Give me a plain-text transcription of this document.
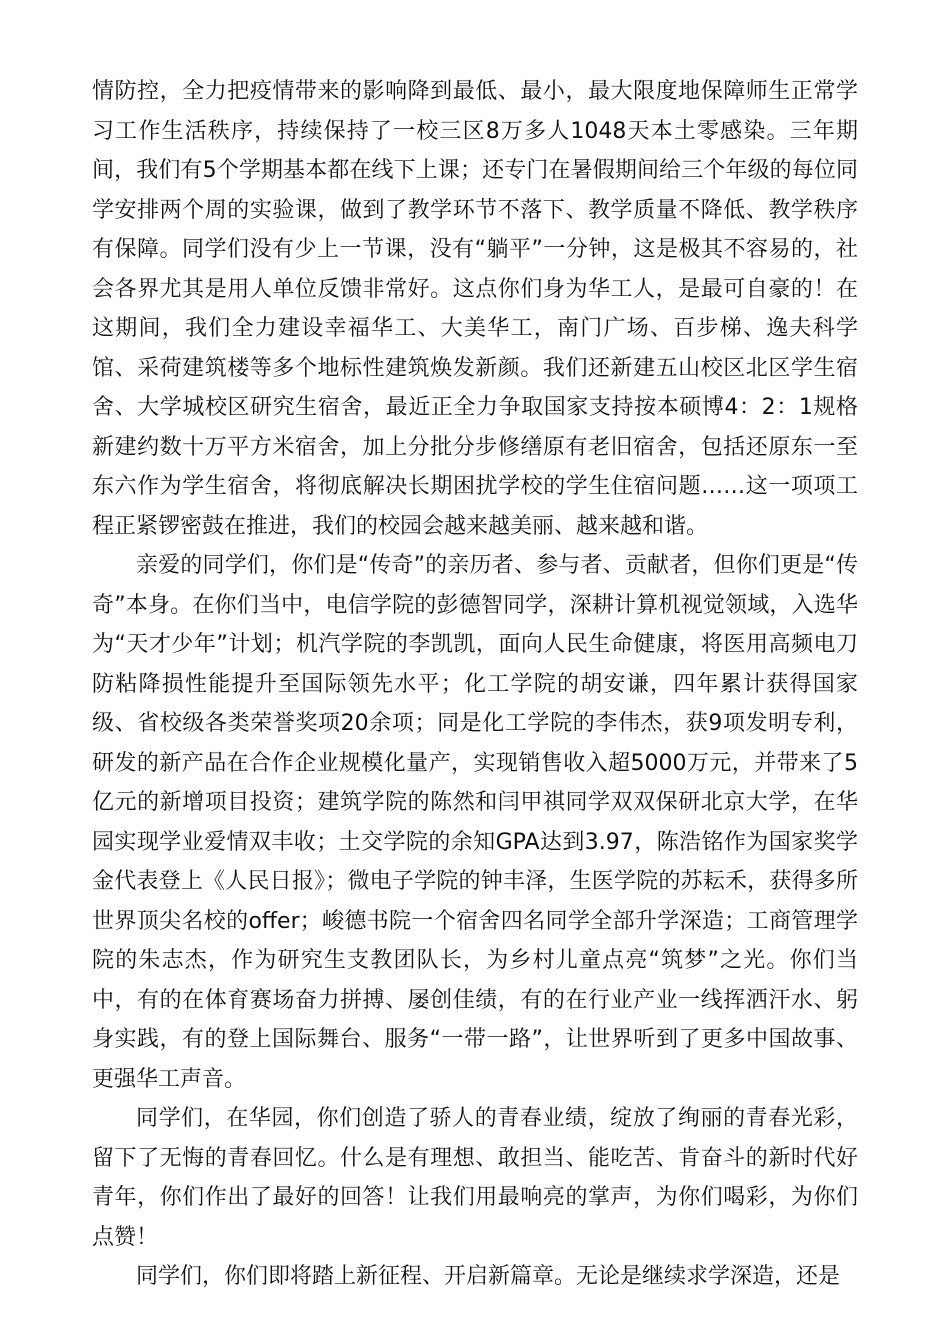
情防控，全力把疫情带来的影响降到最低、最小，最大限度地保障师生正常学习工作生活秩序，持续保持了一校三区8万多人1048天本土零感染。三年期间，我们有5个学期基本都在线下上课；还专门在暑假期间给三个年级的每位同学安排两个周的实验课，做到了教学环节不落下、教学质量不降低、教学秩序有保障。同学们没有少上一节课，没有“躺平”一分钟，这是极其不容易的，社会各界尤其是用人单位反馈非常好。这点你们身为华工人，是最可自豪的！在这期间，我们全力建设幸福华工、大美华工，南门广场、百步梯、逸夫科学馆、采荷建筑楼等多个地标性建筑焕发新颜。我们还新建五山校区北区学生宿舍、大学城校区研究生宿舍，最近正全力争取国家支持按本硕博4：2：1规格新建约数十万平方米宿舍，加上分批分步修缮原有老旧宿舍，包括还原东一至东六作为学生宿舍，将彻底解决长期困扰学校的学生住宿问题……这一项项工程正紧锣密鼓在推进，我们的校园会越来越美丽、越来越和谐。

亲爱的同学们，你们是“传奇”的亲历者、参与者、贡献者，但你们更是“传奇”本身。在你们当中，电信学院的彭德智同学，深耕计算机视觉领域，入选华为“天才少年”计划；机汽学院的李凯凯，面向人民生命健康，将医用高频电刀防粘降损性能提升至国际领先水平；化工学院的胡安谦，四年累计获得国家级、省校级各类荣誉奖项20余项；同是化工学院的李伟杰，获9项发明专利，研发的新产品在合作企业规模化量产，实现销售收入超5000万元，并带来了5亿元的新增项目投资；建筑学院的陈然和闫甲祺同学双双保研北京大学，在华园实现学业爱情双丰收；土交学院的余知GPA达到3.97，陈浩铭作为国家奖学金代表登上《人民日报》；微电子学院的钟丰泽，生医学院的苏耘禾，获得多所世界顶尖名校的offer；峻德书院一个宿舍四名同学全部升学深造；工商管理学院的朱志杰，作为研究生支教团队长，为乡村儿童点亮“筑梦”之光。你们当中，有的在体育赛场奋力拼搏、屡创佳绩，有的在行业产业一线挥洒汗水、躬身实践，有的登上国际舞台、服务“一带一路”，让世界听到了更多中国故事、更强华工声音。

同学们，在华园，你们创造了骄人的青春业绩，绽放了绚丽的青春光彩，留下了无悔的青春回忆。什么是有理想、敢担当、能吃苦、肯奋斗的新时代好青年，你们作出了最好的回答！让我们用最响亮的掌声，为你们喝彩，为你们点赞！

同学们，你们即将踏上新征程、开启新篇章。无论是继续求学深造，还是
